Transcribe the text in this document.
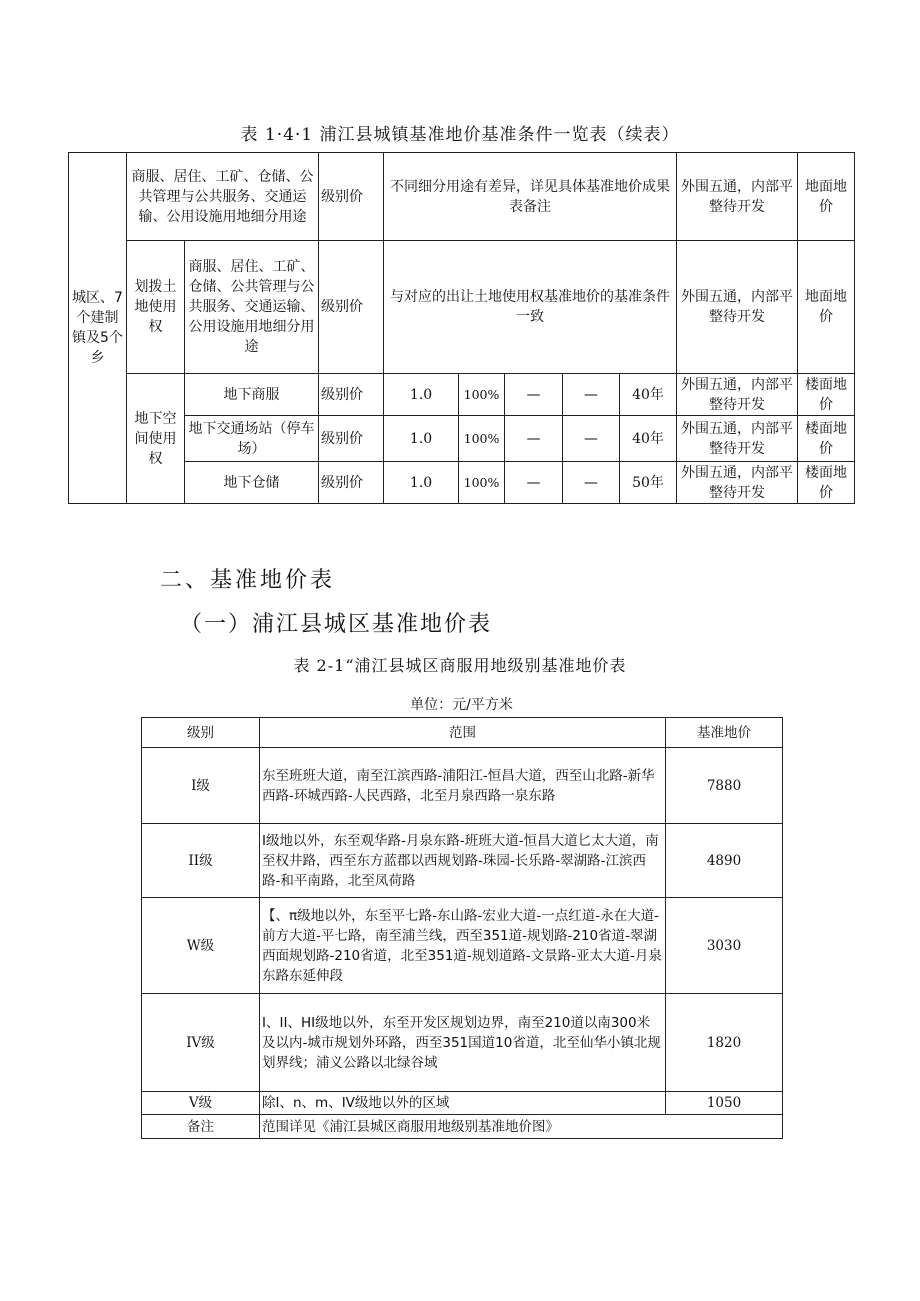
表 1·4·1 浦江县城镇基准地价基准条件一览表（续表）
城区、7个建制镇及5个乡	商服、居住、工矿、仓储、公共管理与公共服务、交通运输、公用设施用地细分用途		级别价	不同细分用途有差异，详见具体基准地价成果表备注					外围五通，内部平整待开发	地面地价
	划拨土地使用权	商服、居住、工矿、仓储、公共管理与公共服务、交通运输、公用设施用地细分用途	级别价	与对应的出让土地使用权基准地价的基准条件一致					外围五通，内部平整待开发	地面地价
	地下空间使用权	地下商服	级别价	1.0	100%	—	—	40年	外围五通，内部平整待开发	楼面地价
		地下交通场站（停车场）	级别价	1.0	100%	—	—	40年	外围五通，内部平整待开发	楼面地价
		地下仓储	级别价	1.0	100%	—	—	50年	外围五通，内部平整待开发	楼面地价
二、基准地价表
（一）浦江县城区基准地价表
表 2-1“浦江县城区商服用地级别基准地价表
单位：元/平方米
级别	范围	基准地价
I级	东至班班大道，南至江滨西路-浦阳江-恒昌大道，西至山北路-新华西路-环城西路-人民西路，北至月泉西路一泉东路	7880
II级	I级地以外，东至观华路-月泉东路-班班大道-恒昌大道匕太大道，南至权井路，西至东方蓝郡以西规划路-珠园-长乐路-翠湖路-江滨西路-和平南路，北至凤荷路	4890
W级	【、π级地以外，东至平七路-东山路-宏业大道-一点红道-永在大道-前方大道-平七路，南至浦兰线，西至351道-规划路-210省道-翠湖西面规划路-210省道，北至351道-规划道路-文景路-亚太大道-月泉东路东延伸段	3030
IV级	I、II、HI级地以外，东至开发区规划边界，南至210道以南300米及以内-城市规划外环路，西至351国道10省道，北至仙华小镇北规划界线；浦义公路以北绿谷域	1820
V级	除I、n、m、IV级地以外的区域	1050
备注	范围详见《浦江县城区商服用地级别基准地价图》	
